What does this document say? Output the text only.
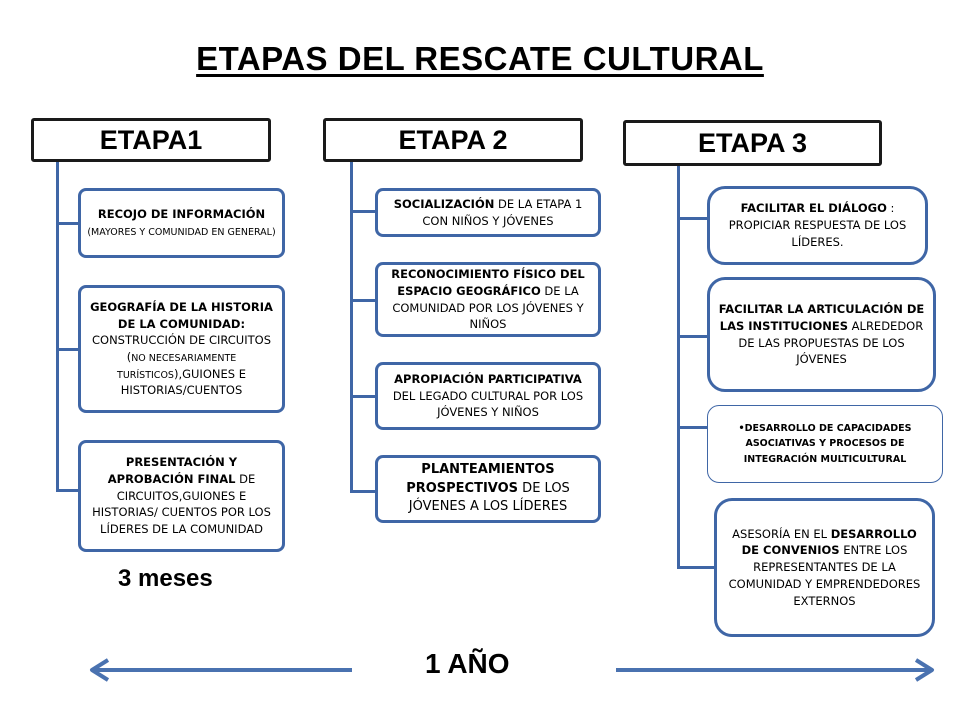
ETAPAS DEL RESCATE CULTURAL
ETAPA1
RECOJO DE INFORMACIÓN
(MAYORES Y COMUNIDAD EN GENERAL)
GEOGRAFÍA DE LA HISTORIA DE LA COMUNIDAD: CONSTRUCCIÓN DE CIRCUITOS (NO NECESARIAMENTE TURÍSTICOS),GUIONES E HISTORIAS/CUENTOS
PRESENTACIÓN Y APROBACIÓN FINAL DE CIRCUITOS,GUIONES E HISTORIAS/ CUENTOS POR LOS LÍDERES DE LA COMUNIDAD
3 meses
ETAPA 2
SOCIALIZACIÓN DE LA ETAPA 1 CON NIÑOS Y JÓVENES
RECONOCIMIENTO FÍSICO DEL ESPACIO GEOGRÁFICO DE LA COMUNIDAD POR LOS JÓVENES Y NIÑOS
APROPIACIÓN PARTICIPATIVA DEL LEGADO CULTURAL POR LOS JÓVENES Y NIÑOS
PLANTEAMIENTOS PROSPECTIVOS DE LOS JÓVENES A LOS LÍDERES
ETAPA 3
FACILITAR EL DIÁLOGO : PROPICIAR RESPUESTA DE LOS LÍDERES.
FACILITAR LA ARTICULACIÓN DE LAS INSTITUCIONES ALREDEDOR DE LAS PROPUESTAS DE LOS JÓVENES
•DESARROLLO DE CAPACIDADES ASOCIATIVAS Y PROCESOS DE INTEGRACIÓN MULTICULTURAL
ASESORÍA EN EL DESARROLLO DE CONVENIOS ENTRE LOS REPRESENTANTES DE LA COMUNIDAD Y EMPRENDEDORES EXTERNOS
1 AÑO
